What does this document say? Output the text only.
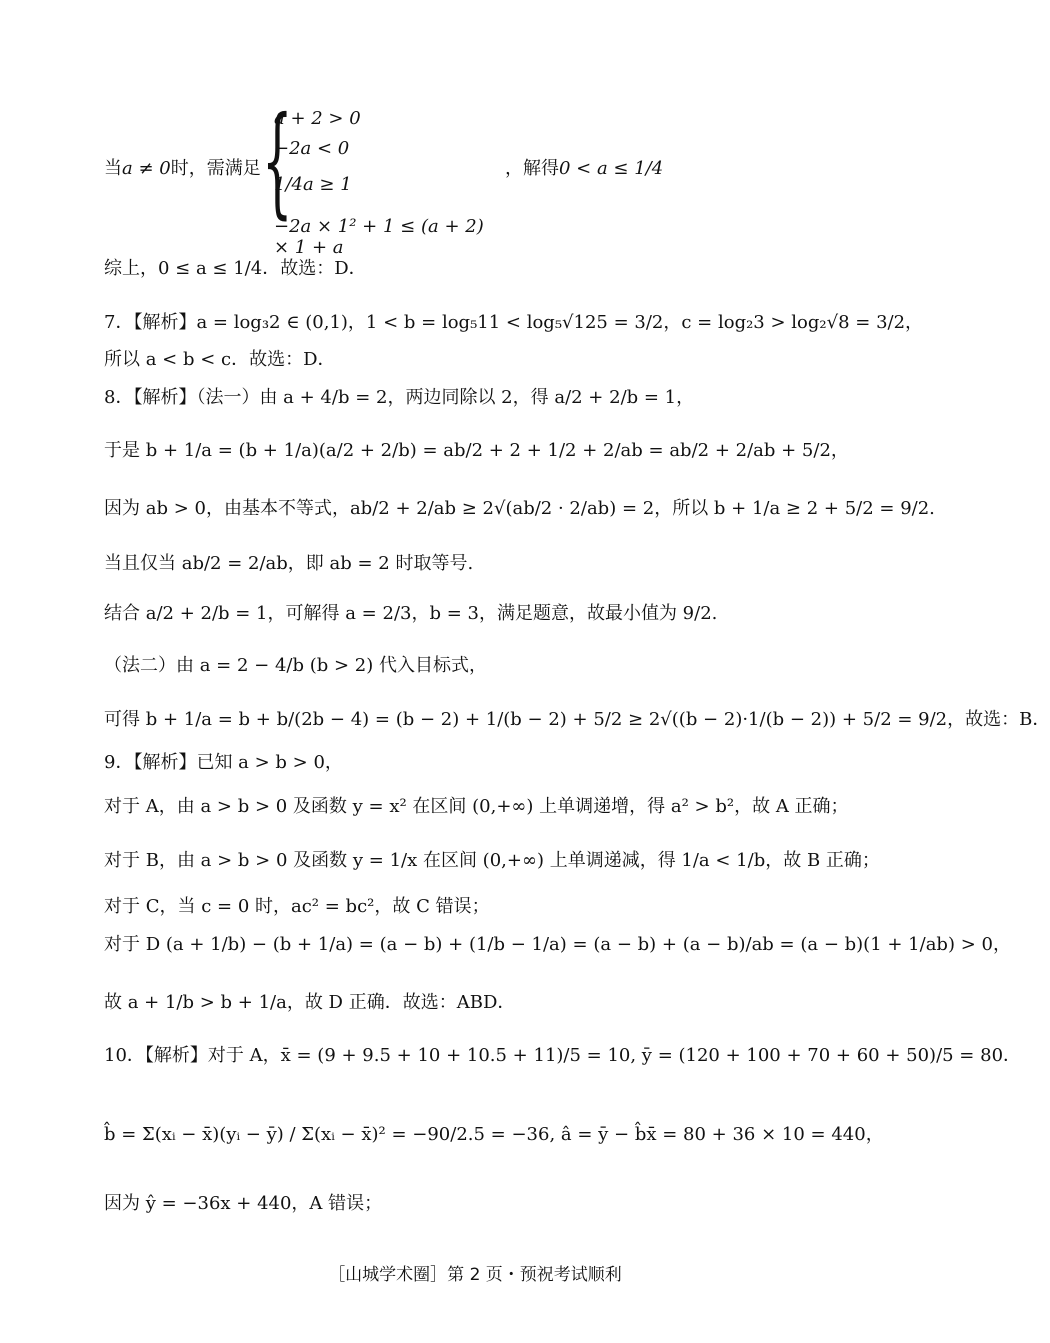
当a ≠ 0时，需满足 {
a + 2 > 0
−2a < 0
1/4a ≥ 1
−2a × 1² + 1 ≤ (a + 2) × 1 + a
，解得0 < a ≤ 1/4
综上，0 ≤ a ≤ 1/4．故选：D．
7．【解析】a = log₃2 ∈ (0,1)，1 < b = log₅11 < log₅√125 = 3/2，c = log₂3 > log₂√8 = 3/2，
所以 a < b < c．故选：D．
8．【解析】（法一）由 a + 4/b = 2，两边同除以 2，得 a/2 + 2/b = 1，
于是 b + 1/a = (b + 1/a)(a/2 + 2/b) = ab/2 + 2 + 1/2 + 2/ab = ab/2 + 2/ab + 5/2，
因为 ab > 0，由基本不等式，ab/2 + 2/ab ≥ 2√(ab/2 · 2/ab) = 2，所以 b + 1/a ≥ 2 + 5/2 = 9/2.
当且仅当 ab/2 = 2/ab，即 ab = 2 时取等号.
结合 a/2 + 2/b = 1，可解得 a = 2/3，b = 3，满足题意，故最小值为 9/2.
（法二）由 a = 2 − 4/b (b > 2) 代入目标式，
可得 b + 1/a = b + b/(2b − 4) = (b − 2) + 1/(b − 2) + 5/2 ≥ 2√((b − 2)·1/(b − 2)) + 5/2 = 9/2，故选：B．
9．【解析】已知 a > b > 0，
对于 A，由 a > b > 0 及函数 y = x² 在区间 (0,+∞) 上单调递增，得 a² > b²，故 A 正确；
对于 B，由 a > b > 0 及函数 y = 1/x 在区间 (0,+∞) 上单调递减，得 1/a < 1/b，故 B 正确；
对于 C，当 c = 0 时，ac² = bc²，故 C 错误；
对于 D (a + 1/b) − (b + 1/a) = (a − b) + (1/b − 1/a) = (a − b) + (a − b)/ab = (a − b)(1 + 1/ab) > 0，
故 a + 1/b > b + 1/a，故 D 正确．故选：ABD．
10．【解析】对于 A，x̄ = (9 + 9.5 + 10 + 10.5 + 11)/5 = 10, ȳ = (120 + 100 + 70 + 60 + 50)/5 = 80．
b̂ = Σ(xᵢ − x̄)(yᵢ − ȳ) / Σ(xᵢ − x̄)² = −90/2.5 = −36, â = ȳ − b̂x̄ = 80 + 36 × 10 = 440，
因为 ŷ = −36x + 440，A 错误；
［山城学术圈］第 2 页・预祝考试顺利
